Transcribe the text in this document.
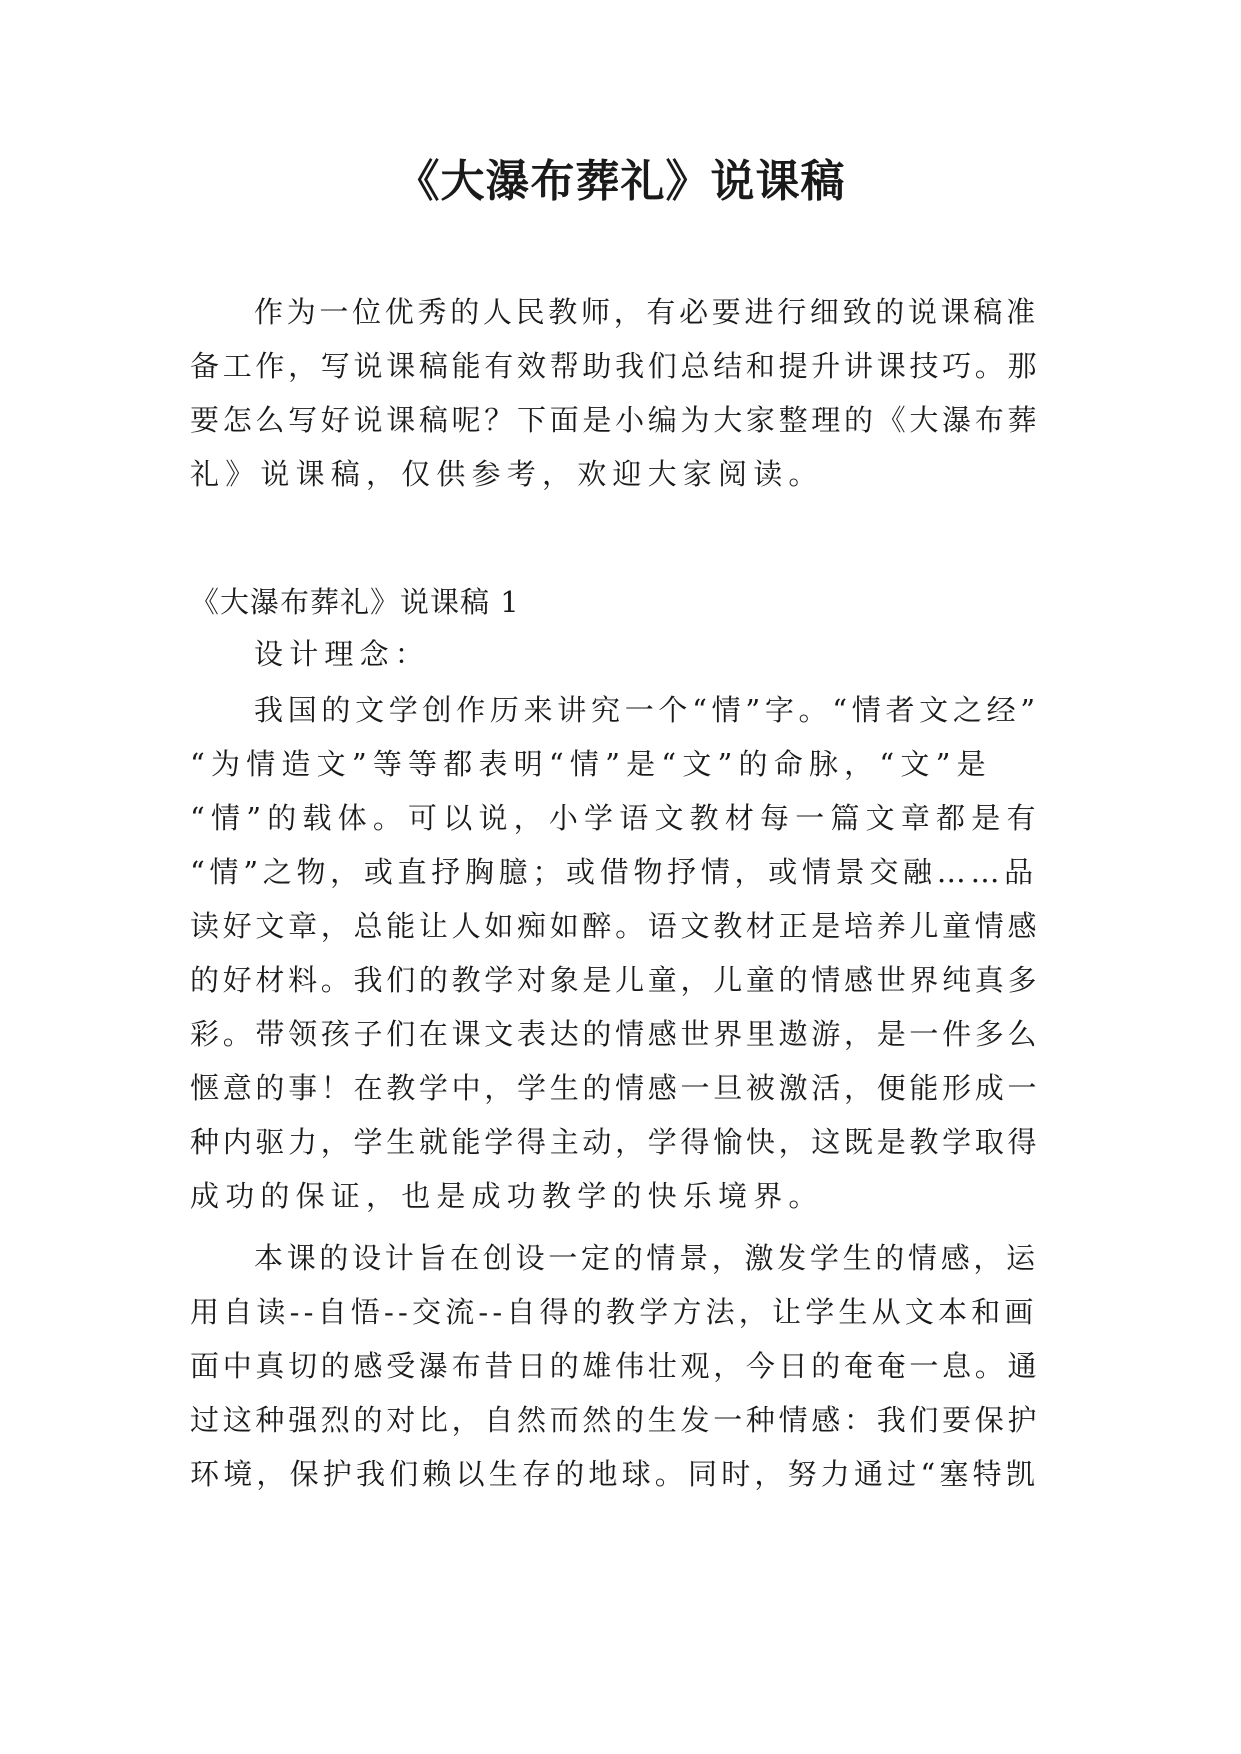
《大瀑布葬礼》说课稿

作为一位优秀的人民教师，有必要进行细致的说课稿准

备工作，写说课稿能有效帮助我们总结和提升讲课技巧。那

要怎么写好说课稿呢？下面是小编为大家整理的《大瀑布葬

礼》说课稿，仅供参考，欢迎大家阅读。

《大瀑布葬礼》说课稿 1

设计理念：

我国的文学创作历来讲究一个“情”字。“情者文之经”

“为情造文”等等都表明“情”是“文”的命脉，“文”是

“情”的载体。可以说，小学语文教材每一篇文章都是有

“情”之物，或直抒胸臆；或借物抒情，或情景交融……品

读好文章，总能让人如痴如醉。语文教材正是培养儿童情感

的好材料。我们的教学对象是儿童，儿童的情感世界纯真多

彩。带领孩子们在课文表达的情感世界里遨游，是一件多么

惬意的事！在教学中，学生的情感一旦被激活，便能形成一

种内驱力，学生就能学得主动，学得愉快，这既是教学取得

成功的保证，也是成功教学的快乐境界。

本课的设计旨在创设一定的情景，激发学生的情感，运

用自读--自悟--交流--自得的教学方法，让学生从文本和画

面中真切的感受瀑布昔日的雄伟壮观，今日的奄奄一息。通

过这种强烈的对比，自然而然的生发一种情感：我们要保护

环境，保护我们赖以生存的地球。同时，努力通过“塞特凯
